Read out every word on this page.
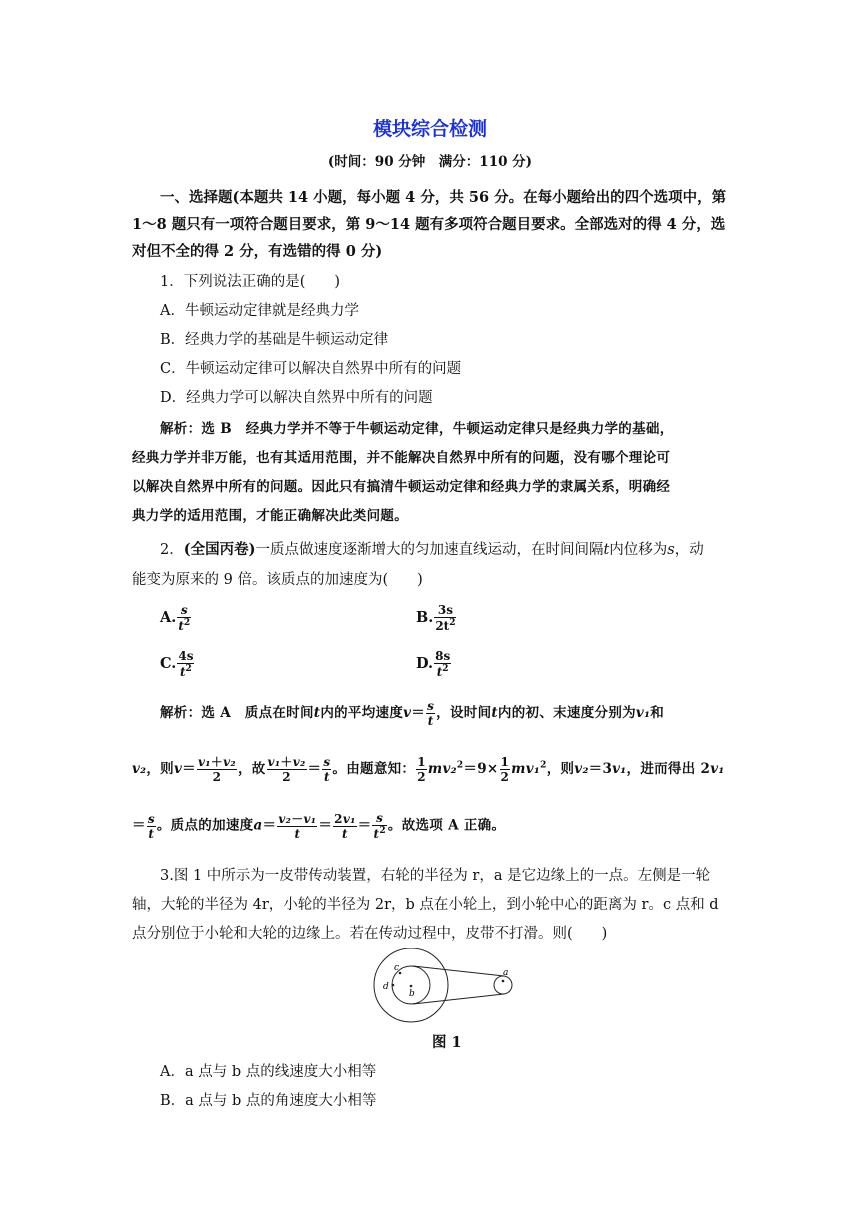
模块综合检测
(时间：90 分钟　满分：110 分)
一、选择题(本题共 14 小题，每小题 4 分，共 56 分。在每小题给出的四个选项中，第
1～8 题只有一项符合题目要求，第 9～14 题有多项符合题目要求。全部选对的得 4 分，选
对但不全的得 2 分，有选错的得 0 分)
1．下列说法正确的是(　　)
A．牛顿运动定律就是经典力学
B．经典力学的基础是牛顿运动定律
C．牛顿运动定律可以解决自然界中所有的问题
D．经典力学可以解决自然界中所有的问题
解析：选 B　经典力学并不等于牛顿运动定律，牛顿运动定律只是经典力学的基础，
经典力学并非万能，也有其适用范围，并不能解决自然界中所有的问题，没有哪个理论可
以解决自然界中所有的问题。因此只有搞清牛顿运动定律和经典力学的隶属关系，明确经
典力学的适用范围，才能正确解决此类问题。
2．(全国丙卷)一质点做速度逐渐增大的匀加速直线运动，在时间间隔t内位移为s，动
能变为原来的 9 倍。该质点的加速度为(　　)
A. $\frac{s}{t^2}$	B. $\frac{3s}{2t^2}$
C. $\frac{4s}{t^2}$	D. $\frac{8s}{t^2}$
解析：选 A　质点在时间t内的平均速度$v= \frac{s}{t}$ ，设时间t内的初、末速度分别为v₁和
v₂，则$v= \frac{\text{v₁＋v₂}}{2}$ ，故 $\frac{\text{v₁＋v₂}}{2} = \frac{s}{t}$ 。由题意知： $\frac{1}{2} mv_2^2=9\times \frac{1}{2} mv_1^2$，则v₂＝3v₁，进而得出 2v₁
＝ $\frac{s}{t}$ 。质点的加速度$a= \frac{\text{v₂－v₁}}{t} = \frac{\text{2v₁}}{t} = \frac{s}{t^2}$ 。故选项 A 正确。
3.图 1 中所示为一皮带传动装置，右轮的半径为 r，a 是它边缘上的一点。左侧是一轮
轴，大轮的半径为 4r，小轮的半径为 2r，b 点在小轮上，到小轮中心的距离为 r。c 点和 d
点分别位于小轮和大轮的边缘上。若在传动过程中，皮带不打滑。则(　　)
a
b
c
d
图 1
A．a 点与 b 点的线速度大小相等
B．a 点与 b 点的角速度大小相等
